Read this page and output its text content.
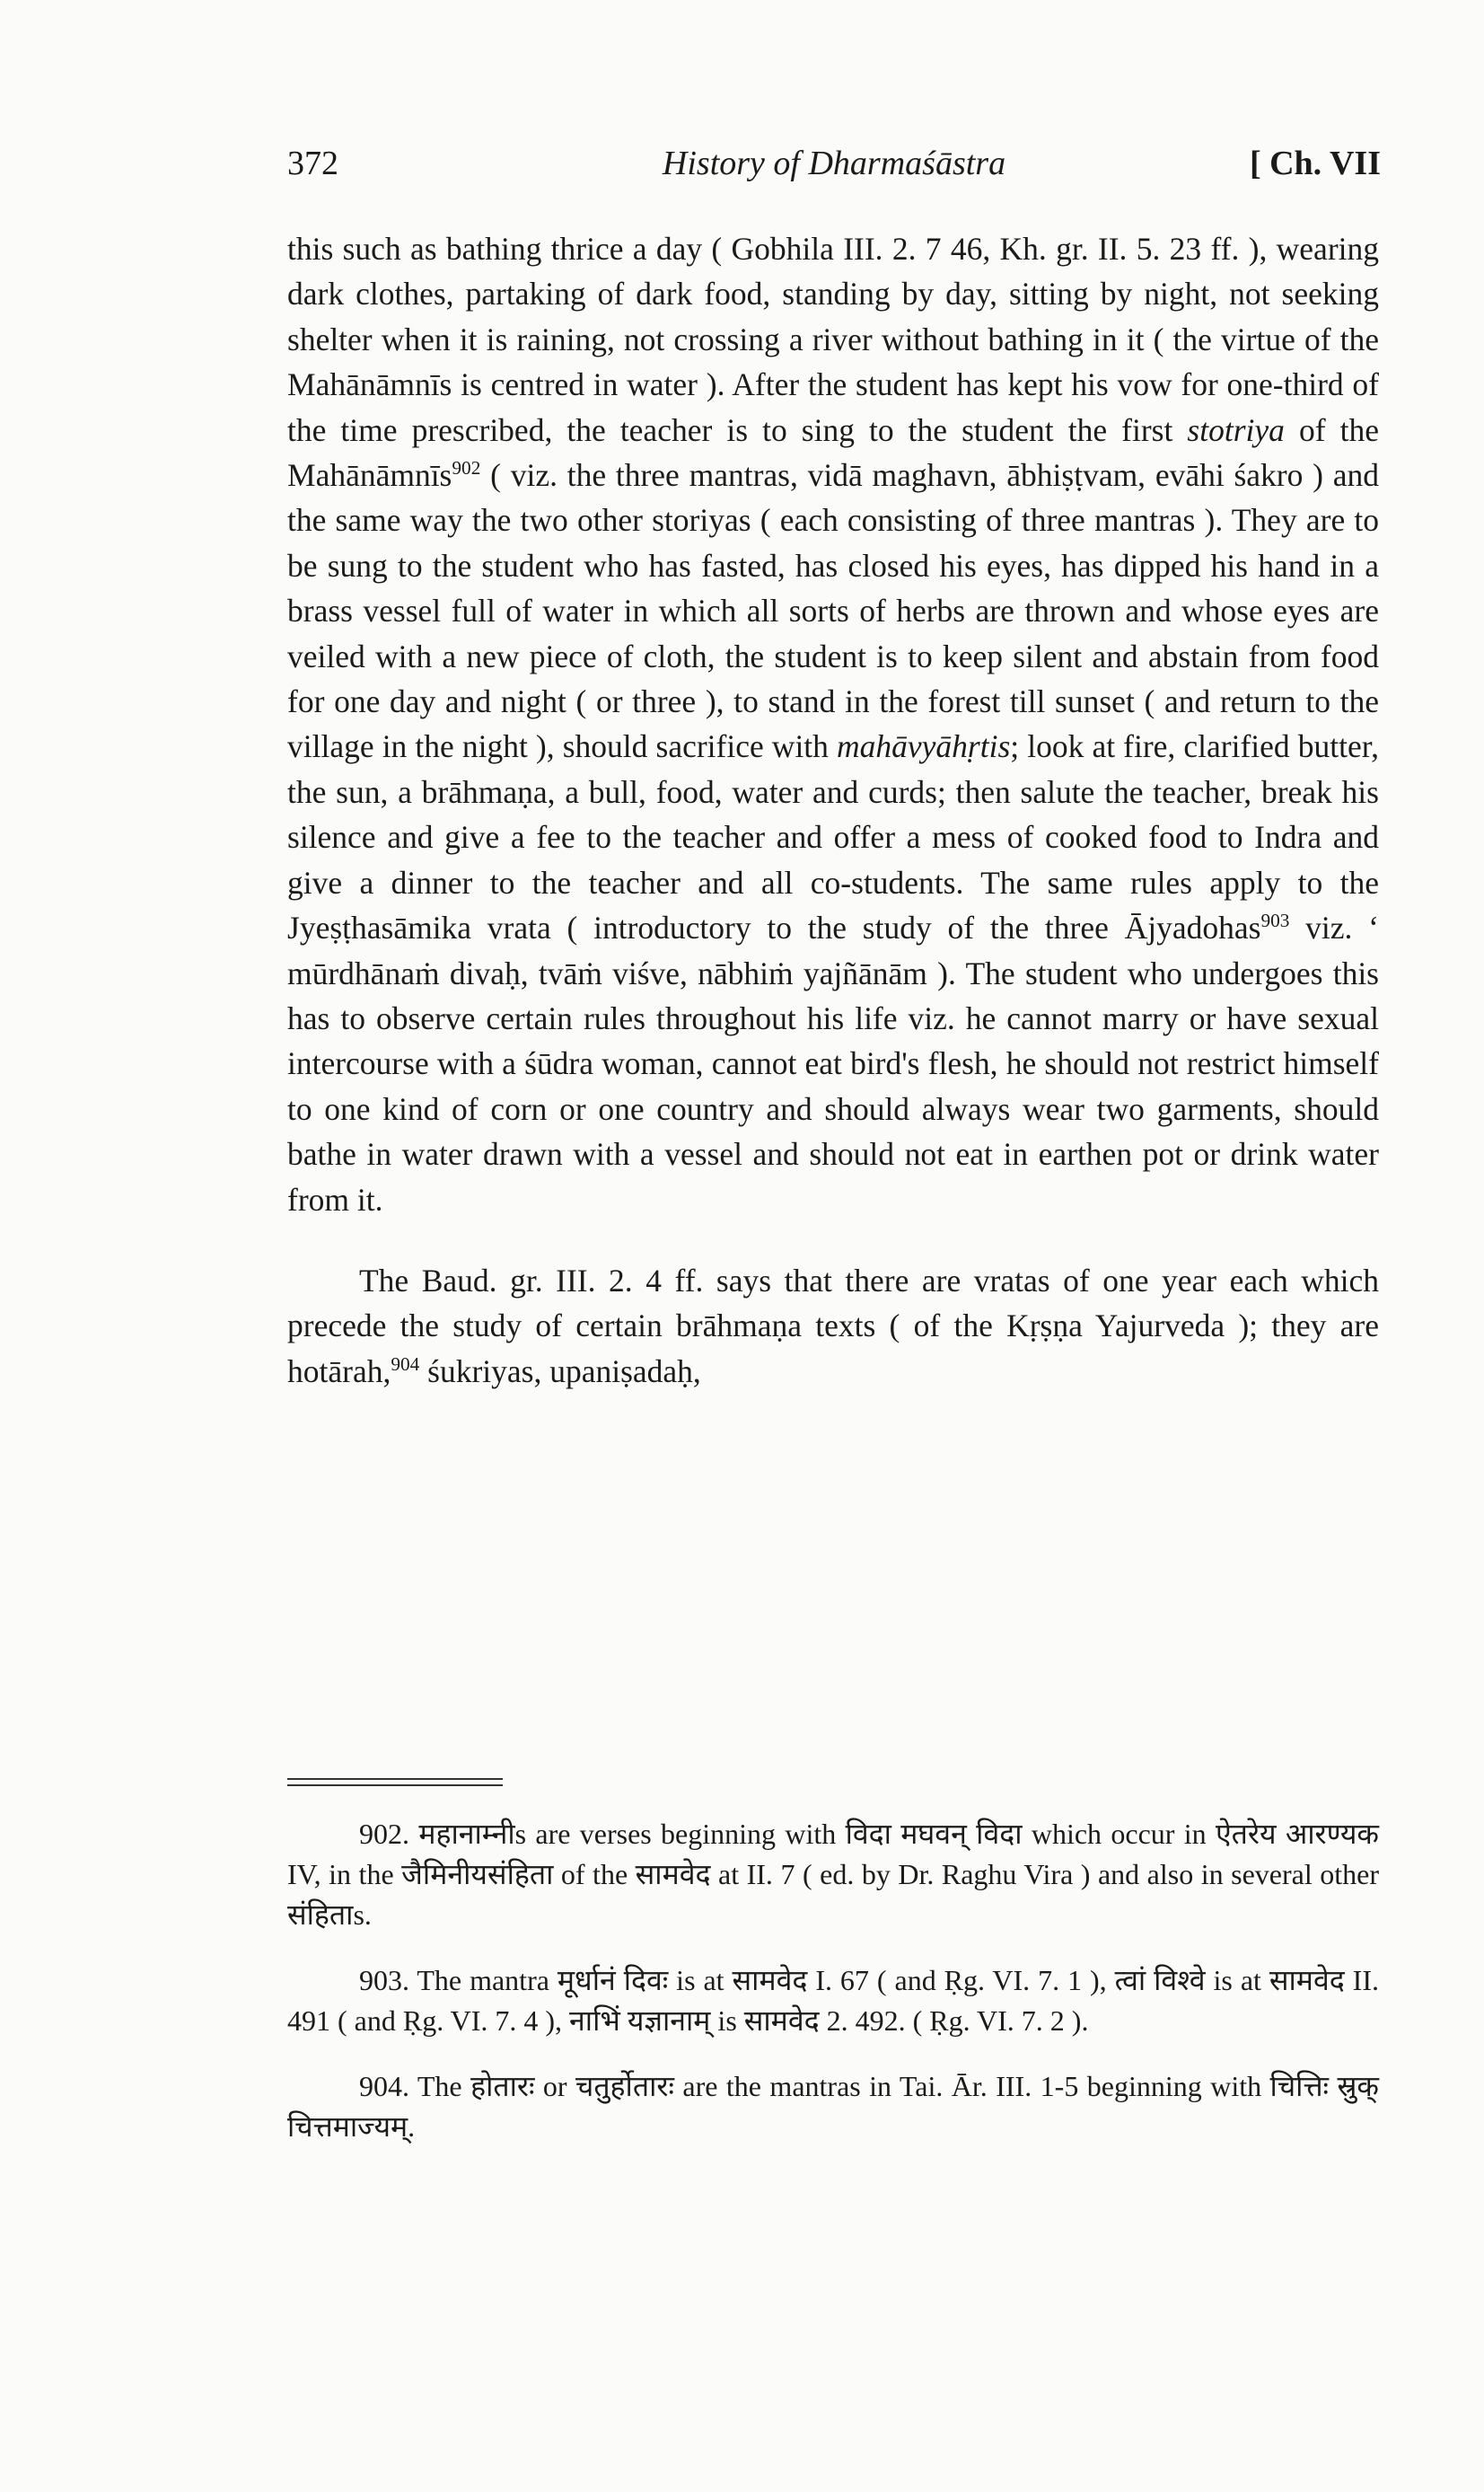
372	History of Dharmaśāstra	[ Ch. VII

this such as bathing thrice a day ( Gobhila III. 2. 7 46, Kh. gr. II. 5. 23 ff. ), wearing dark clothes, partaking of dark food, standing by day, sitting by night, not seeking shelter when it is raining, not crossing a river without bathing in it ( the virtue of the Mahānāmnīs is centred in water ). After the student has kept his vow for one-third of the time prescribed, the teacher is to sing to the student the first stotriya of the Mahānāmnīs$^{902}$ ( viz. the three mantras, vidā maghavn, ābhiṣṭvam, evāhi śakro ) and the same way the two other storiyas ( each consisting of three mantras ). They are to be sung to the student who has fasted, has closed his eyes, has dipped his hand in a brass vessel full of water in which all sorts of herbs are thrown and whose eyes are veiled with a new piece of cloth, the student is to keep silent and abstain from food for one day and night ( or three ), to stand in the forest till sunset ( and return to the village in the night ), should sacrifice with mahāvyāhṛtis; look at fire, clarified butter, the sun, a brāhmaṇa, a bull, food, water and curds; then salute the teacher, break his silence and give a fee to the teacher and offer a mess of cooked food to Indra and give a dinner to the teacher and all co-students. The same rules apply to the Jyeṣṭhasāmika vrata ( introductory to the study of the three Ājyadohas$^{903}$ viz. ‘ mūrdhānaṁ divaḥ, tvāṁ viśve, nābhiṁ yajñānām ). The student who undergoes this has to observe certain rules throughout his life viz. he cannot marry or have sexual intercourse with a śūdra woman, cannot eat bird's flesh, he should not restrict himself to one kind of corn or one country and should always wear two garments, should bathe in water drawn with a vessel and should not eat in earthen pot or drink water from it.

The Baud. gr. III. 2. 4 ff. says that there are vratas of one year each which precede the study of certain brāhmaṇa texts ( of the Kṛṣṇa Yajurveda ); they are hotārah,$^{904}$ śukriyas, upaniṣadaḥ,

902. महानाम्नीs are verses beginning with विदा मघवन् विदा which occur in ऐतरेय आरण्यक IV, in the जैमिनीयसंहिता of the सामवेद at II. 7 ( ed. by Dr. Raghu Vira ) and also in several other संहिताs.

903. The mantra मूर्धानं दिवः is at सामवेद I. 67 ( and Ṛg. VI. 7. 1 ), त्वां विश्वे is at सामवेद II. 491 ( and Ṛg. VI. 7. 4 ), नाभिं यज्ञानाम् is सामवेद 2. 492. ( Ṛg. VI. 7. 2 ).

904. The होतारः or चतुर्होतारः are the mantras in Tai. Ār. III. 1-5 beginning with चित्तिः स्रुक् चित्तमाज्यम्.
